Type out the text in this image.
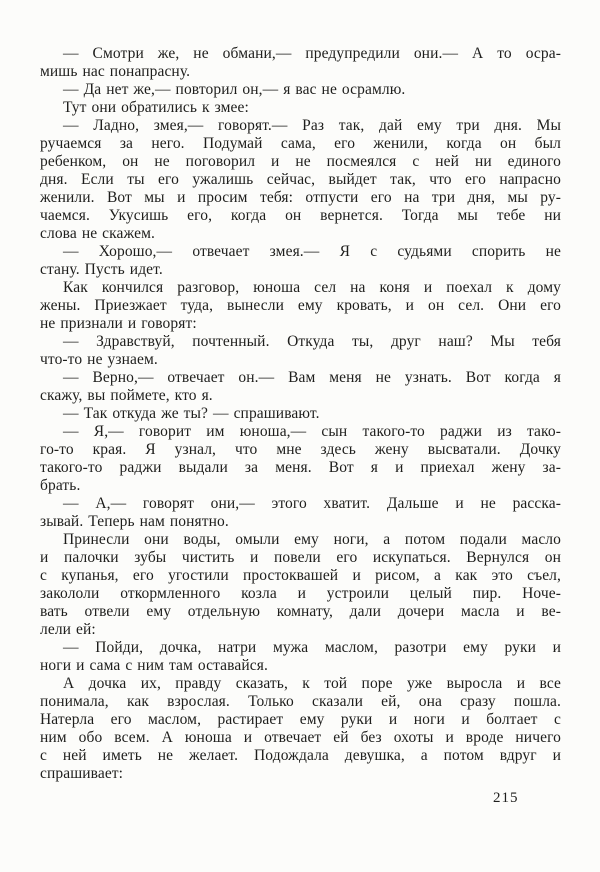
— Смотри же, не обмани,— предупредили они.— А то осра-
мишь нас понапрасну.
— Да нет же,— повторил он,— я вас не осрамлю.
Тут они обратились к змее:
— Ладно, змея,— говорят.— Раз так, дай ему три дня. Мы
ручаемся за него. Подумай сама, его женили, когда он был
ребенком, он не поговорил и не посмеялся с ней ни единого
дня. Если ты его ужалишь сейчас, выйдет так, что его напрасно
женили. Вот мы и просим тебя: отпусти его на три дня, мы ру-
чаемся. Укусишь его, когда он вернется. Тогда мы тебе ни
слова не скажем.
— Хорошо,— отвечает змея.— Я с судьями спорить не
стану. Пусть идет.
Как кончился разговор, юноша сел на коня и поехал к дому
жены. Приезжает туда, вынесли ему кровать, и он сел. Они его
не признали и говорят:
— Здравствуй, почтенный. Откуда ты, друг наш? Мы тебя
что-то не узнаем.
— Верно,— отвечает он.— Вам меня не узнать. Вот когда я
скажу, вы поймете, кто я.
— Так откуда же ты? — спрашивают.
— Я,— говорит им юноша,— сын такого-то раджи из тако-
го-то края. Я узнал, что мне здесь жену высватали. Дочку
такого-то раджи выдали за меня. Вот я и приехал жену за-
брать.
— А,— говорят они,— этого хватит. Дальше и не расска-
зывай. Теперь нам понятно.
Принесли они воды, омыли ему ноги, а потом подали масло
и палочки зубы чистить и повели его искупаться. Вернулся он
с купанья, его угостили простоквашей и рисом, а как это съел,
закололи откормленного козла и устроили целый пир. Ноче-
вать отвели ему отдельную комнату, дали дочери масла и ве-
лели ей:
— Пойди, дочка, натри мужа маслом, разотри ему руки и
ноги и сама с ним там оставайся.
А дочка их, правду сказать, к той поре уже выросла и все
понимала, как взрослая. Только сказали ей, она сразу пошла.
Натерла его маслом, растирает ему руки и ноги и болтает с
ним обо всем. А юноша и отвечает ей без охоты и вроде ничего
с ней иметь не желает. Подождала девушка, а потом вдруг и
спрашивает:
215
